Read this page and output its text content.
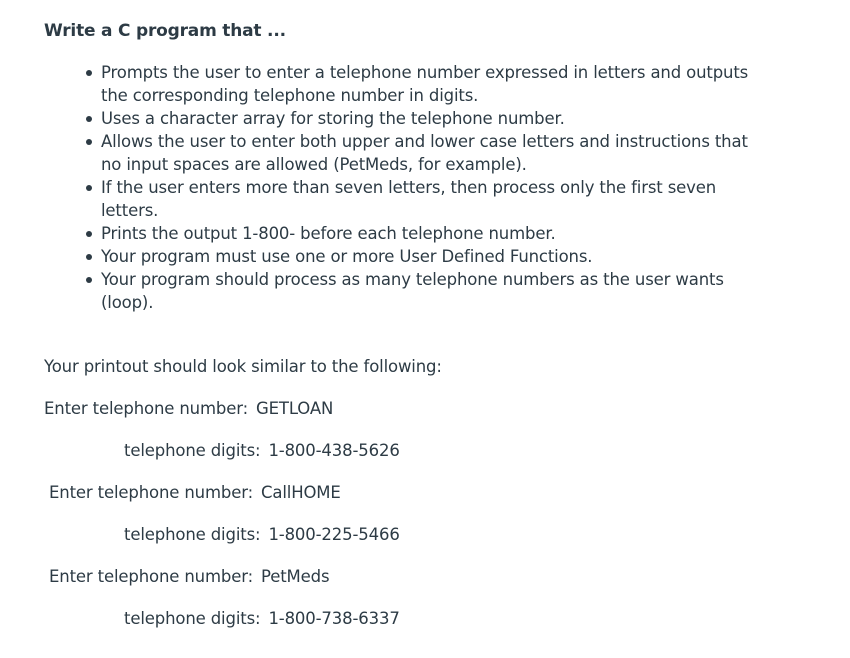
Write a C program that ...
Prompts the user to enter a telephone number expressed in letters and outputs the corresponding telephone number in digits.
Uses a character array for storing the telephone number.
Allows the user to enter both upper and lower case letters and instructions that no input spaces are allowed (PetMeds, for example).
If the user enters more than seven letters, then process only the first seven letters.
Prints the output 1-800- before each telephone number.
Your program must use one or more User Defined Functions.
Your program should process as many telephone numbers as the user wants (loop).
Your printout should look similar to the following:
Enter telephone number: GETLOAN
telephone digits: 1-800-438-5626
Enter telephone number: CallHOME
telephone digits: 1-800-225-5466
Enter telephone number: PetMeds
telephone digits: 1-800-738-6337
